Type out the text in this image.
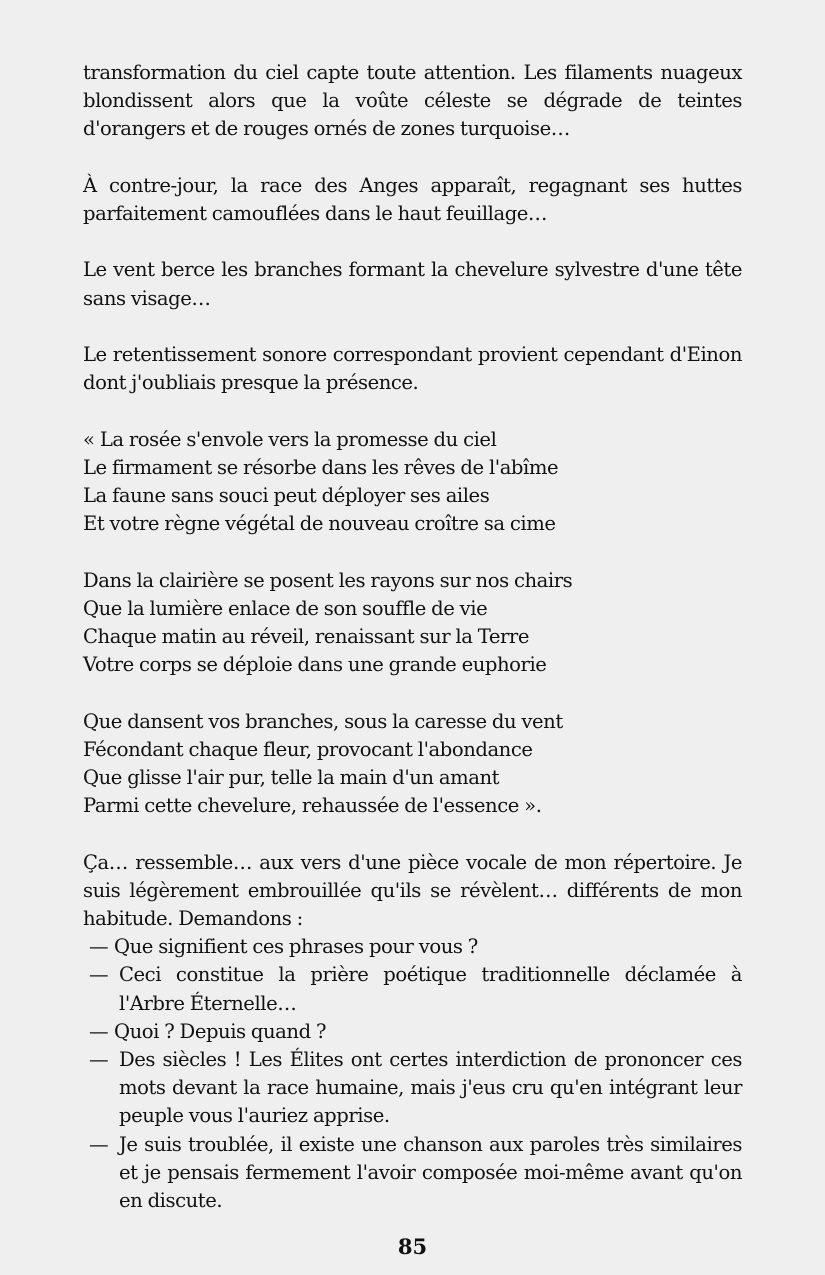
transformation du ciel capte toute attention. Les filaments nuageux blondissent alors que la voûte céleste se dégrade de teintes d'orangers et de rouges ornés de zones turquoise…

À contre-jour, la race des Anges apparaît, regagnant ses huttes parfaitement camouflées dans le haut feuillage…

Le vent berce les branches formant la chevelure sylvestre d'une tête sans visage…

Le retentissement sonore correspondant provient cependant d'Einon dont j'oubliais presque la présence.

« La rosée s'envole vers la promesse du ciel
Le firmament se résorbe dans les rêves de l'abîme
La faune sans souci peut déployer ses ailes
Et votre règne végétal de nouveau croître sa cime
Dans la clairière se posent les rayons sur nos chairs
Que la lumière enlace de son souffle de vie
Chaque matin au réveil, renaissant sur la Terre
Votre corps se déploie dans une grande euphorie
Que dansent vos branches, sous la caresse du vent
Fécondant chaque fleur, provocant l'abondance
Que glisse l'air pur, telle la main d'un amant
Parmi cette chevelure, rehaussée de l'essence ».

Ça… ressemble… aux vers d'une pièce vocale de mon répertoire. Je suis légèrement embrouillée qu'ils se révèlent… différents de mon habitude. Demandons :

— Que signifient ces phrases pour vous ?
— Ceci constitue la prière poétique traditionnelle déclamée à l'Arbre Éternelle…
— Quoi ? Depuis quand ?
— Des siècles ! Les Élites ont certes interdiction de prononcer ces mots devant la race humaine, mais j'eus cru qu'en intégrant leur peuple vous l'auriez apprise.
— Je suis troublée, il existe une chanson aux paroles très similaires et je pensais fermement l'avoir composée moi-même avant qu'on en discute.
85
